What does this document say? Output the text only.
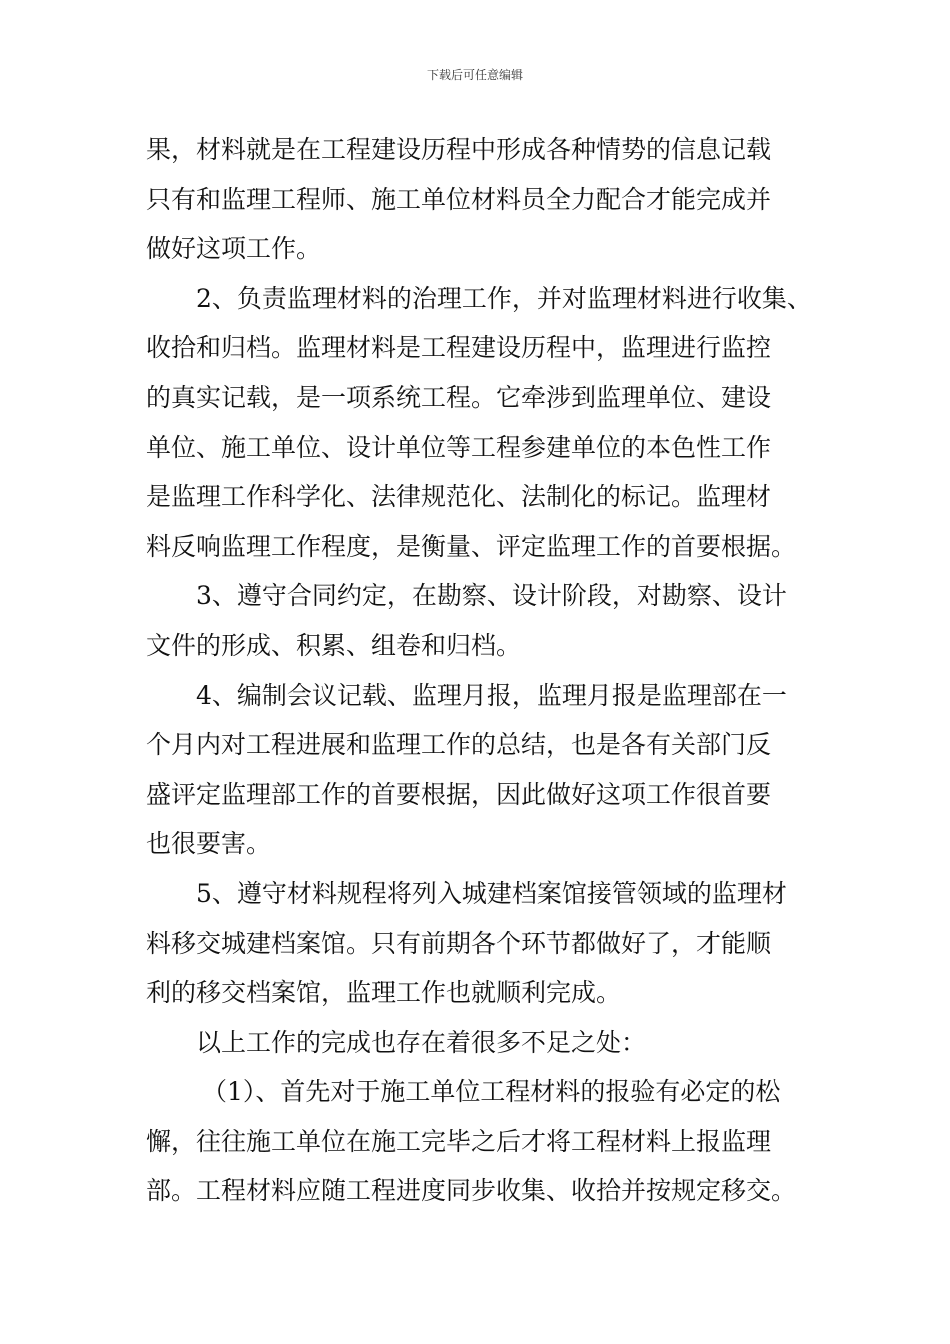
下载后可任意编辑
果，材料就是在工程建设历程中形成各种情势的信息记载
只有和监理工程师、施工单位材料员全力配合才能完成并
做好这项工作。
2、负责监理材料的治理工作，并对监理材料进行收集、
收拾和归档。监理材料是工程建设历程中，监理进行监控
的真实记载，是一项系统工程。它牵涉到监理单位、建设
单位、施工单位、设计单位等工程参建单位的本色性工作
是监理工作科学化、法律规范化、法制化的标记。监理材
料反响监理工作程度，是衡量、评定监理工作的首要根据。
3、遵守合同约定，在勘察、设计阶段，对勘察、设计
文件的形成、积累、组卷和归档。
4、编制会议记载、监理月报，监理月报是监理部在一
个月内对工程进展和监理工作的总结，也是各有关部门反
盛评定监理部工作的首要根据，因此做好这项工作很首要
也很要害。
5、遵守材料规程将列入城建档案馆接管领域的监理材
料移交城建档案馆。只有前期各个环节都做好了，才能顺
利的移交档案馆，监理工作也就顺利完成。
以上工作的完成也存在着很多不足之处：
（1）、首先对于施工单位工程材料的报验有必定的松
懈，往往施工单位在施工完毕之后才将工程材料上报监理
部。工程材料应随工程进度同步收集、收拾并按规定移交。
